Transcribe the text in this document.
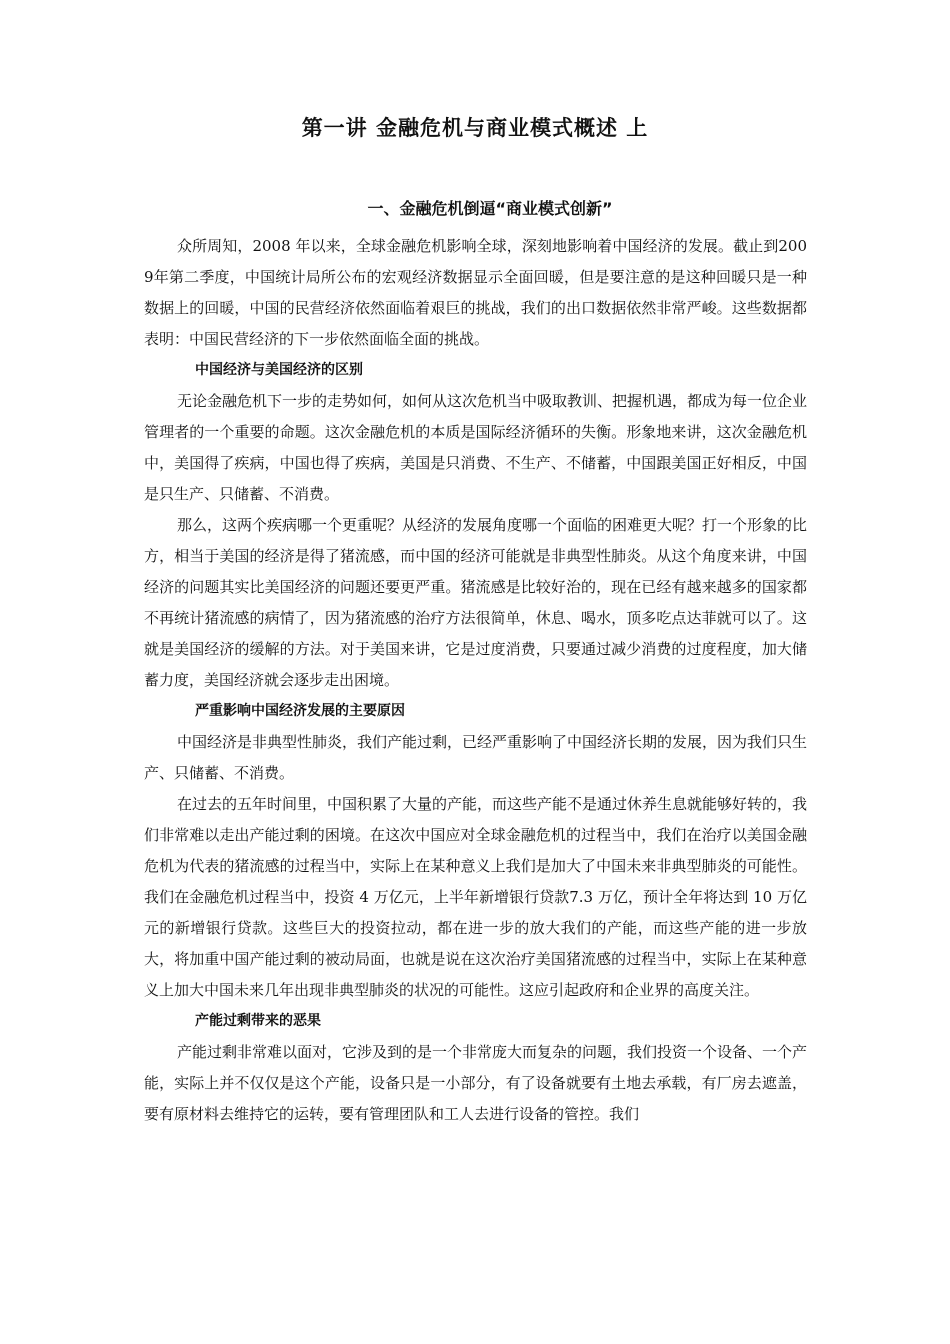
第一讲 金融危机与商业模式概述 上
一、金融危机倒逼“商业模式创新”

众所周知，2008 年以来，全球金融危机影响全球，深刻地影响着中国经济的发展。截止到2009年第二季度，中国统计局所公布的宏观经济数据显示全面回暖，但是要注意的是这种回暖只是一种数据上的回暖，中国的民营经济依然面临着艰巨的挑战，我们的出口数据依然非常严峻。这些数据都表明：中国民营经济的下一步依然面临全面的挑战。

中国经济与美国经济的区别

无论金融危机下一步的走势如何，如何从这次危机当中吸取教训、把握机遇，都成为每一位企业管理者的一个重要的命题。这次金融危机的本质是国际经济循环的失衡。形象地来讲，这次金融危机中，美国得了疾病，中国也得了疾病，美国是只消费、不生产、不储蓄，中国跟美国正好相反，中国是只生产、只储蓄、不消费。

那么，这两个疾病哪一个更重呢？从经济的发展角度哪一个面临的困难更大呢？打一个形象的比方，相当于美国的经济是得了猪流感，而中国的经济可能就是非典型性肺炎。从这个角度来讲，中国经济的问题其实比美国经济的问题还要更严重。猪流感是比较好治的，现在已经有越来越多的国家都不再统计猪流感的病情了，因为猪流感的治疗方法很简单，休息、喝水，顶多吃点达菲就可以了。这就是美国经济的缓解的方法。对于美国来讲，它是过度消费，只要通过减少消费的过度程度，加大储蓄力度，美国经济就会逐步走出困境。

严重影响中国经济发展的主要原因

中国经济是非典型性肺炎，我们产能过剩，已经严重影响了中国经济长期的发展，因为我们只生产、只储蓄、不消费。

在过去的五年时间里，中国积累了大量的产能，而这些产能不是通过休养生息就能够好转的，我们非常难以走出产能过剩的困境。在这次中国应对全球金融危机的过程当中，我们在治疗以美国金融危机为代表的猪流感的过程当中，实际上在某种意义上我们是加大了中国未来非典型肺炎的可能性。我们在金融危机过程当中，投资 4 万亿元，上半年新增银行贷款7.3 万亿，预计全年将达到 10 万亿元的新增银行贷款。这些巨大的投资拉动，都在进一步的放大我们的产能，而这些产能的进一步放大，将加重中国产能过剩的被动局面，也就是说在这次治疗美国猪流感的过程当中，实际上在某种意义上加大中国未来几年出现非典型肺炎的状况的可能性。这应引起政府和企业界的高度关注。

产能过剩带来的恶果

产能过剩非常难以面对，它涉及到的是一个非常庞大而复杂的问题，我们投资一个设备、一个产能，实际上并不仅仅是这个产能，设备只是一小部分，有了设备就要有土地去承载，有厂房去遮盖，要有原材料去维持它的运转，要有管理团队和工人去进行设备的管控。我们
